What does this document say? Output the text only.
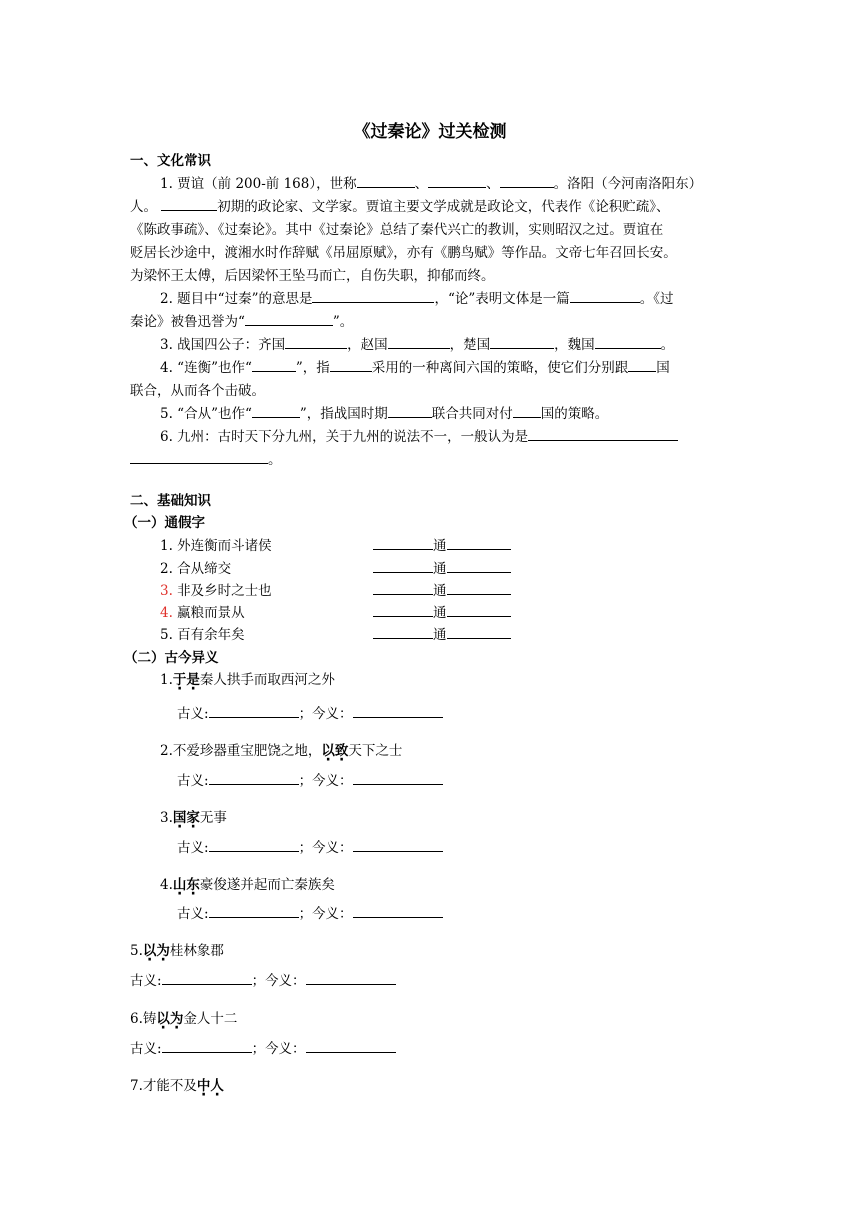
《过秦论》过关检测
一、文化常识
1. 贾谊（前 200-前 168），世称	、	、	。洛阳（今河南洛阳东）
人。	初期的政论家、文学家。贾谊主要文学成就是政论文，代表作《论积贮疏》、
《陈政事疏》、《过秦论》。其中《过秦论》总结了秦代兴亡的教训，实则昭汉之过。贾谊在
贬居长沙途中，渡湘水时作辞赋《吊屈原赋》，亦有《鹏鸟赋》等作品。文帝七年召回长安。
为梁怀王太傅，后因梁怀王坠马而亡，自伤失职，抑郁而终。
2. 题目中“过秦”的意思是	，“论”表明文体是一篇	。《过
秦论》被鲁迅誉为“	”。
3. 战国四公子：齐国	，赵国	，楚国	，魏国	。
4. “连衡”也作“	”，指	采用的一种离间六国的策略，使它们分别跟 国
联合，从而各个击破。
5. “合从”也作“	”，指战国时期	联合共同对付 国的策略。
6. 九州：古时天下分九州，关于九州的说法不一，一般认为是
。
二、基础知识
（一）通假字
1. 外连衡而斗诸侯	通
2. 合从缔交	通
3. 非及乡时之士也	通
4. 赢粮而景从	通
5. 百有余年矣	通
（二）古今异义
1.于是秦人拱手而取西河之外
古义:	；今义：
2.不爱珍器重宝肥饶之地，以致天下之士
古义:	；今义：
3.国家无事
古义:	；今义：
4.山东豪俊遂并起而亡秦族矣
古义:	；今义：
5.以为桂林象郡
古义:	；今义：
6.铸以为金人十二
古义:	；今义：
7.才能不及中人
